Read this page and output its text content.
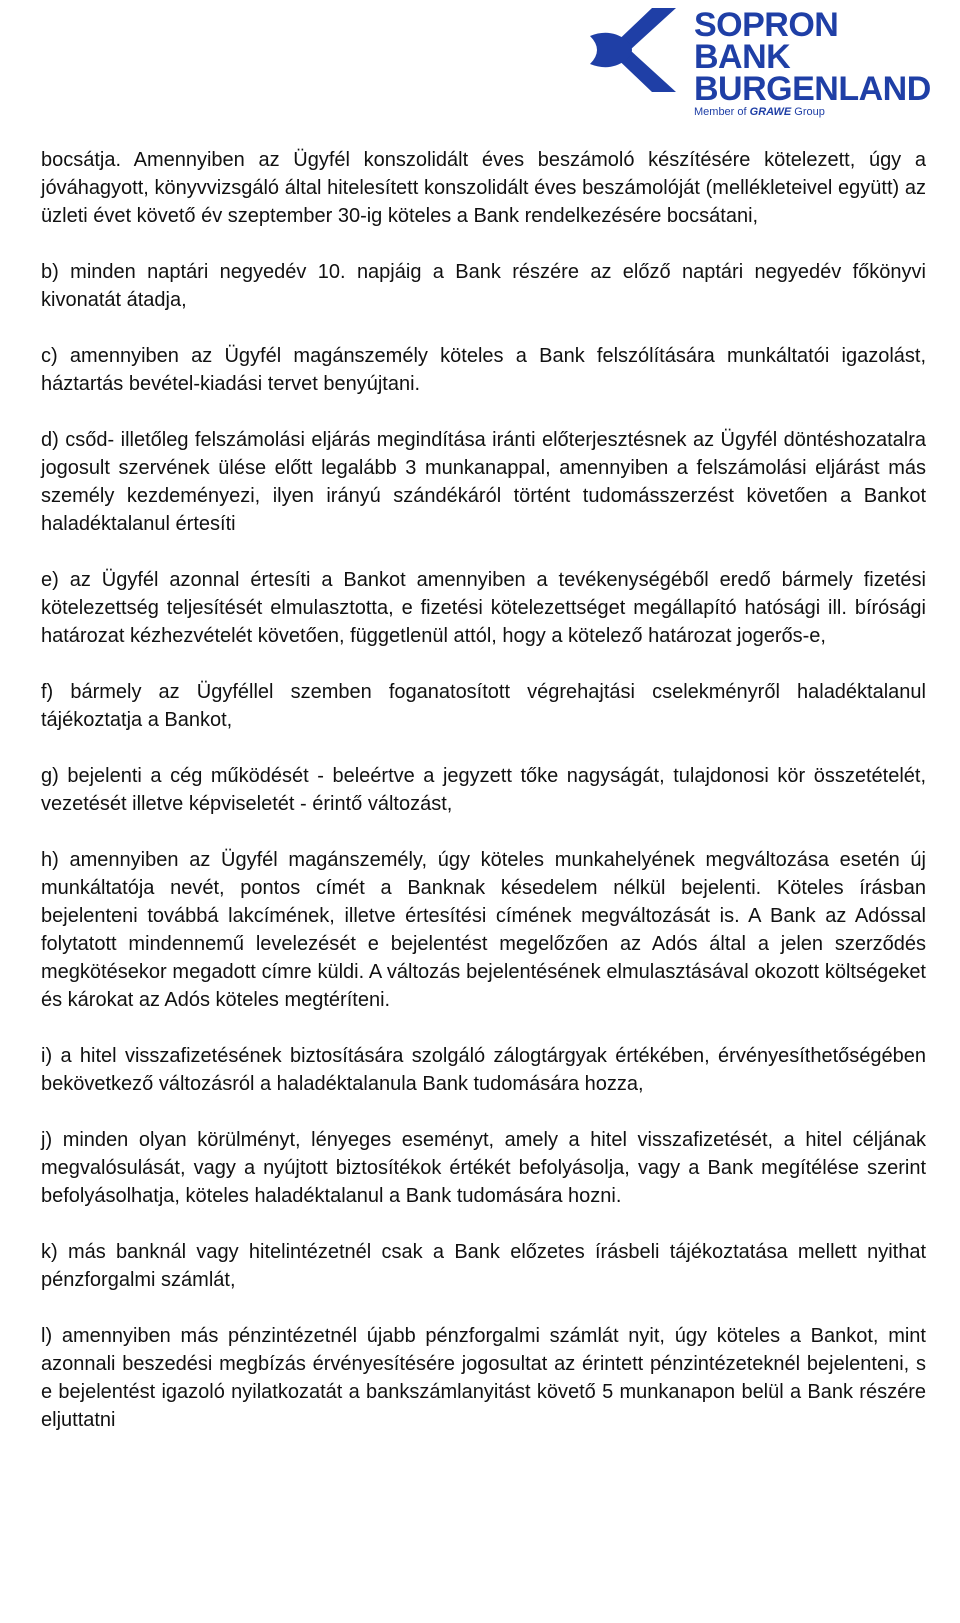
SOPRON
BANK
BURGENLAND
Member of GRAWE Group

bocsátja. Amennyiben az Ügyfél konszolidált éves beszámoló készítésére kötelezett, úgy a jóváhagyott, könyvvizsgáló által hitelesített konszolidált éves beszámolóját (mellékleteivel együtt) az üzleti évet követő év szeptember 30-ig köteles a Bank rendelkezésére bocsátani,

b) minden naptári negyedév 10. napjáig a Bank részére az előző naptári negyedév főkönyvi kivonatát átadja,

c) amennyiben az Ügyfél magánszemély köteles a Bank felszólítására munkáltatói igazolást, háztartás bevétel-kiadási tervet benyújtani.

d) csőd- illetőleg felszámolási eljárás megindítása iránti előterjesztésnek az Ügyfél döntéshozatalra jogosult szervének ülése előtt legalább 3 munkanappal, amennyiben a felszámolási eljárást más személy kezdeményezi, ilyen irányú szándékáról történt tudomásszerzést követően a Bankot haladéktalanul értesíti

e) az Ügyfél azonnal értesíti a Bankot amennyiben a tevékenységéből eredő bármely fizetési kötelezettség teljesítését elmulasztotta, e fizetési kötelezettséget megállapító hatósági ill. bírósági határozat kézhezvételét követően, függetlenül attól, hogy a kötelező határozat jogerős-e,

f) bármely az Ügyféllel szemben foganatosított végrehajtási cselekményről haladéktalanul tájékoztatja a Bankot,

g) bejelenti a cég működését - beleértve a jegyzett tőke nagyságát, tulajdonosi kör összetételét, vezetését illetve képviseletét - érintő változást,

h) amennyiben az Ügyfél magánszemély, úgy köteles munkahelyének megváltozása esetén új munkáltatója nevét, pontos címét a Banknak késedelem nélkül bejelenti. Köteles írásban bejelenteni továbbá lakcímének, illetve értesítési címének megváltozását is. A Bank az Adóssal folytatott mindennemű levelezését e bejelentést megelőzően az Adós által a jelen szerződés megkötésekor megadott címre küldi. A változás bejelentésének elmulasztásával okozott költségeket és károkat az Adós köteles megtéríteni.

i) a hitel visszafizetésének biztosítására szolgáló zálogtárgyak értékében, érvényesíthetőségében bekövetkező változásról a haladéktalanula Bank tudomására hozza,

j) minden olyan körülményt, lényeges eseményt, amely a hitel visszafizetését, a hitel céljának megvalósulását, vagy a nyújtott biztosítékok értékét befolyásolja, vagy a Bank megítélése szerint befolyásolhatja, köteles haladéktalanul a Bank tudomására hozni.

k) más banknál vagy hitelintézetnél csak a Bank előzetes írásbeli tájékoztatása mellett nyithat pénzforgalmi számlát,

l) amennyiben más pénzintézetnél újabb pénzforgalmi számlát nyit, úgy köteles a Bankot, mint azonnali beszedési megbízás érvényesítésére jogosultat az érintett pénzintézeteknél bejelenteni, s e bejelentést igazoló nyilatkozatát a bankszámlanyitást követő 5 munkanapon belül a Bank részére eljuttatni
